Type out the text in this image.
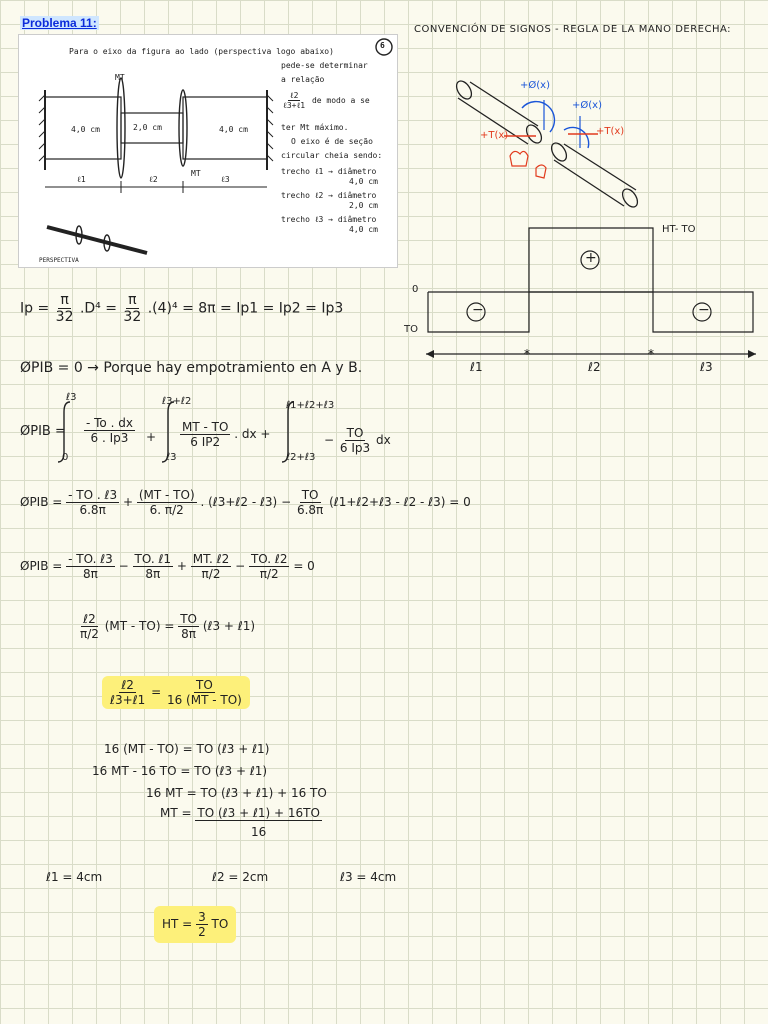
Problema 11:
Para o eixo da figura ao lado (perspectiva logo abaixo)
6
pede-se determinar
a relação
$\frac{\text{ℓ2}}{\text{ℓ3+ℓ1}}$ de modo a se
ter Mt máximo.
O eixo é de seção
circular cheia sendo:
trecho ℓ1 → diâmetro
4,0 cm
trecho ℓ2 → diâmetro
2,0 cm
trecho ℓ3 → diâmetro
4,0 cm
MT
MT
4,0 cm	2,0 cm	4,0 cm
ℓ1	ℓ2	ℓ3
PERSPECTIVA
CONVENCIÓN DE SIGNOS - REGLA DE LA MANO DERECHA:
+Ø(x)
+Ø(x)
+T(x)	+T(x)
*	*
HT- TO
0
TO
+
−	−
ℓ1	ℓ2	ℓ3
$Ip = \frac{\pi}{32} .D^4 = \frac{\pi}{32} .(4)^4 = 8\pi = Ip1 = Ip2 = Ip3$
ØPIB = 0 → Porque hay empotramiento en A y B.
ØPIB =
ℓ3
0
$\frac{- To . dx}{6 . Ip3}$ +
ℓ3+ℓ2
ℓ3
$\frac{MT - TO}{6 IP2}$ . dx +
ℓ1+ℓ2+ℓ3
ℓ2+ℓ3
− $\frac{TO}{6 Ip3}$ dx
ØPIB = $\frac{\text{- TO . ℓ3}}{6.8\pi} + \frac{(MT - TO)}{6. \pi/2}$ . (ℓ3+ℓ2 - ℓ3) − $\frac{TO}{6.8\pi}$ (ℓ1+ℓ2+ℓ3 - ℓ2 - ℓ3) = 0
ØPIB = $\frac{\text{- TO. ℓ3}}{8\pi} - \frac{\text{TO. ℓ1}}{8\pi} + \frac{\text{MT. ℓ2}}{\pi/2} - \frac{\text{TO. ℓ2}}{\pi/2} = 0$
$\frac{\text{ℓ2}}{\pi/2} (MT - TO) = \frac{TO}{8\pi}$ (ℓ3 + ℓ1)
$\frac{\text{ℓ2}}{\text{ℓ3+ℓ1}} = \frac{TO}{16 (MT - TO)}$
16 (MT - TO) = TO (ℓ3 + ℓ1)
16 MT - 16 TO = TO (ℓ3 + ℓ1)
16 MT = TO (ℓ3 + ℓ1) + 16 TO
MT = $\frac{\text{TO (ℓ3 + ℓ1) + 16TO}}{16}$
ℓ1 = 4cm	ℓ2 = 2cm	ℓ3 = 4cm
HT = $\frac{3}{2}$ TO
